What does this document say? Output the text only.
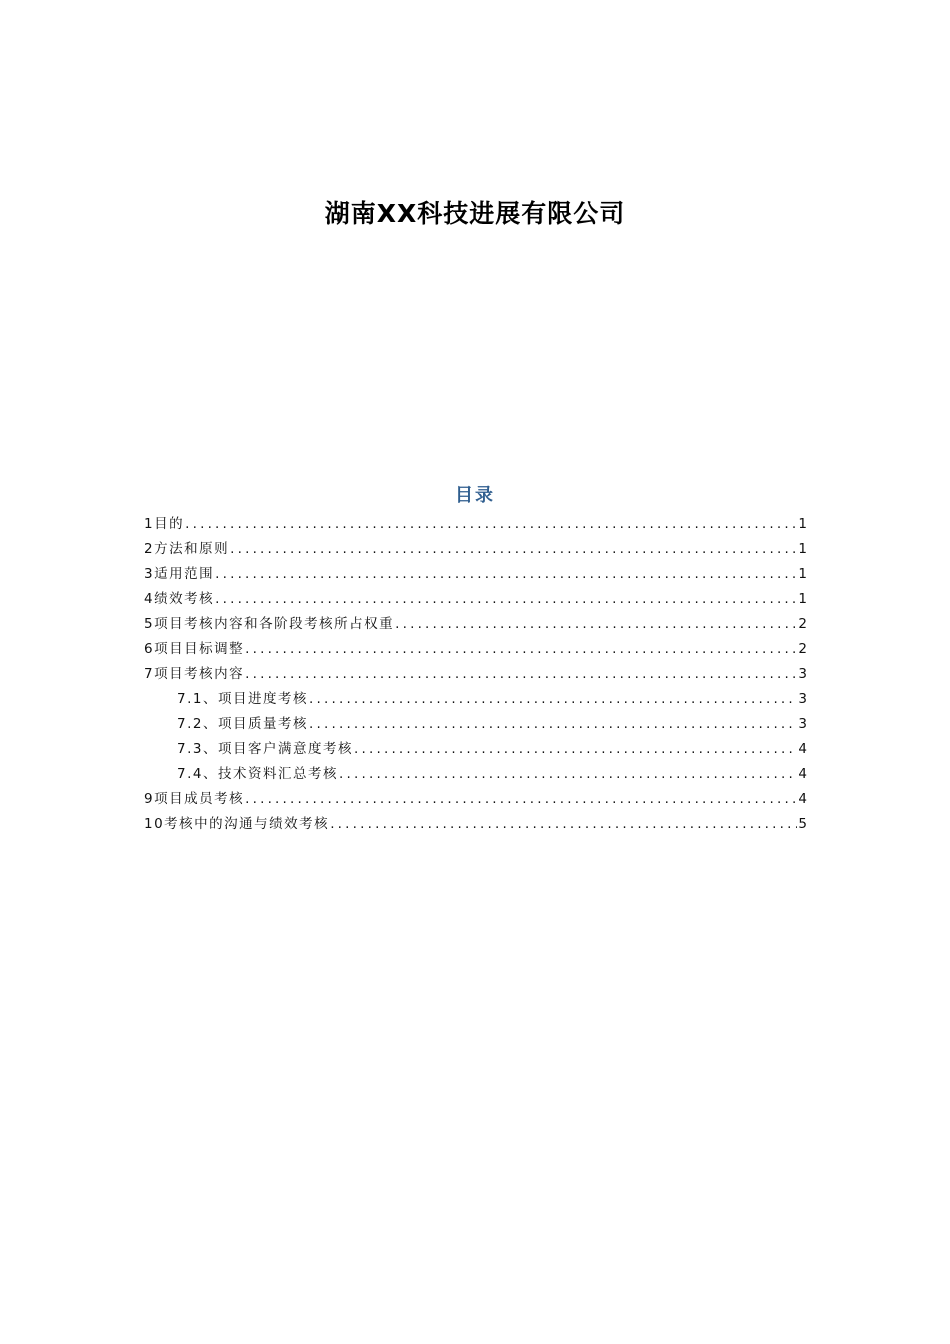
湖南XX科技进展有限公司
目录
1目的 .....	1
2方法和原则 .....	1
3适用范围 .....	1
4绩效考核 .....	1
5项目考核内容和各阶段考核所占权重 .....	2
6项目目标调整 .....	2
7项目考核内容 .....	3
7.1、项目进度考核 .....	3
7.2、项目质量考核 .....	3
7.3、项目客户满意度考核 .....	4
7.4、技术资料汇总考核 .....	4
9项目成员考核 .....	4
10考核中的沟通与绩效考核 .....	5
